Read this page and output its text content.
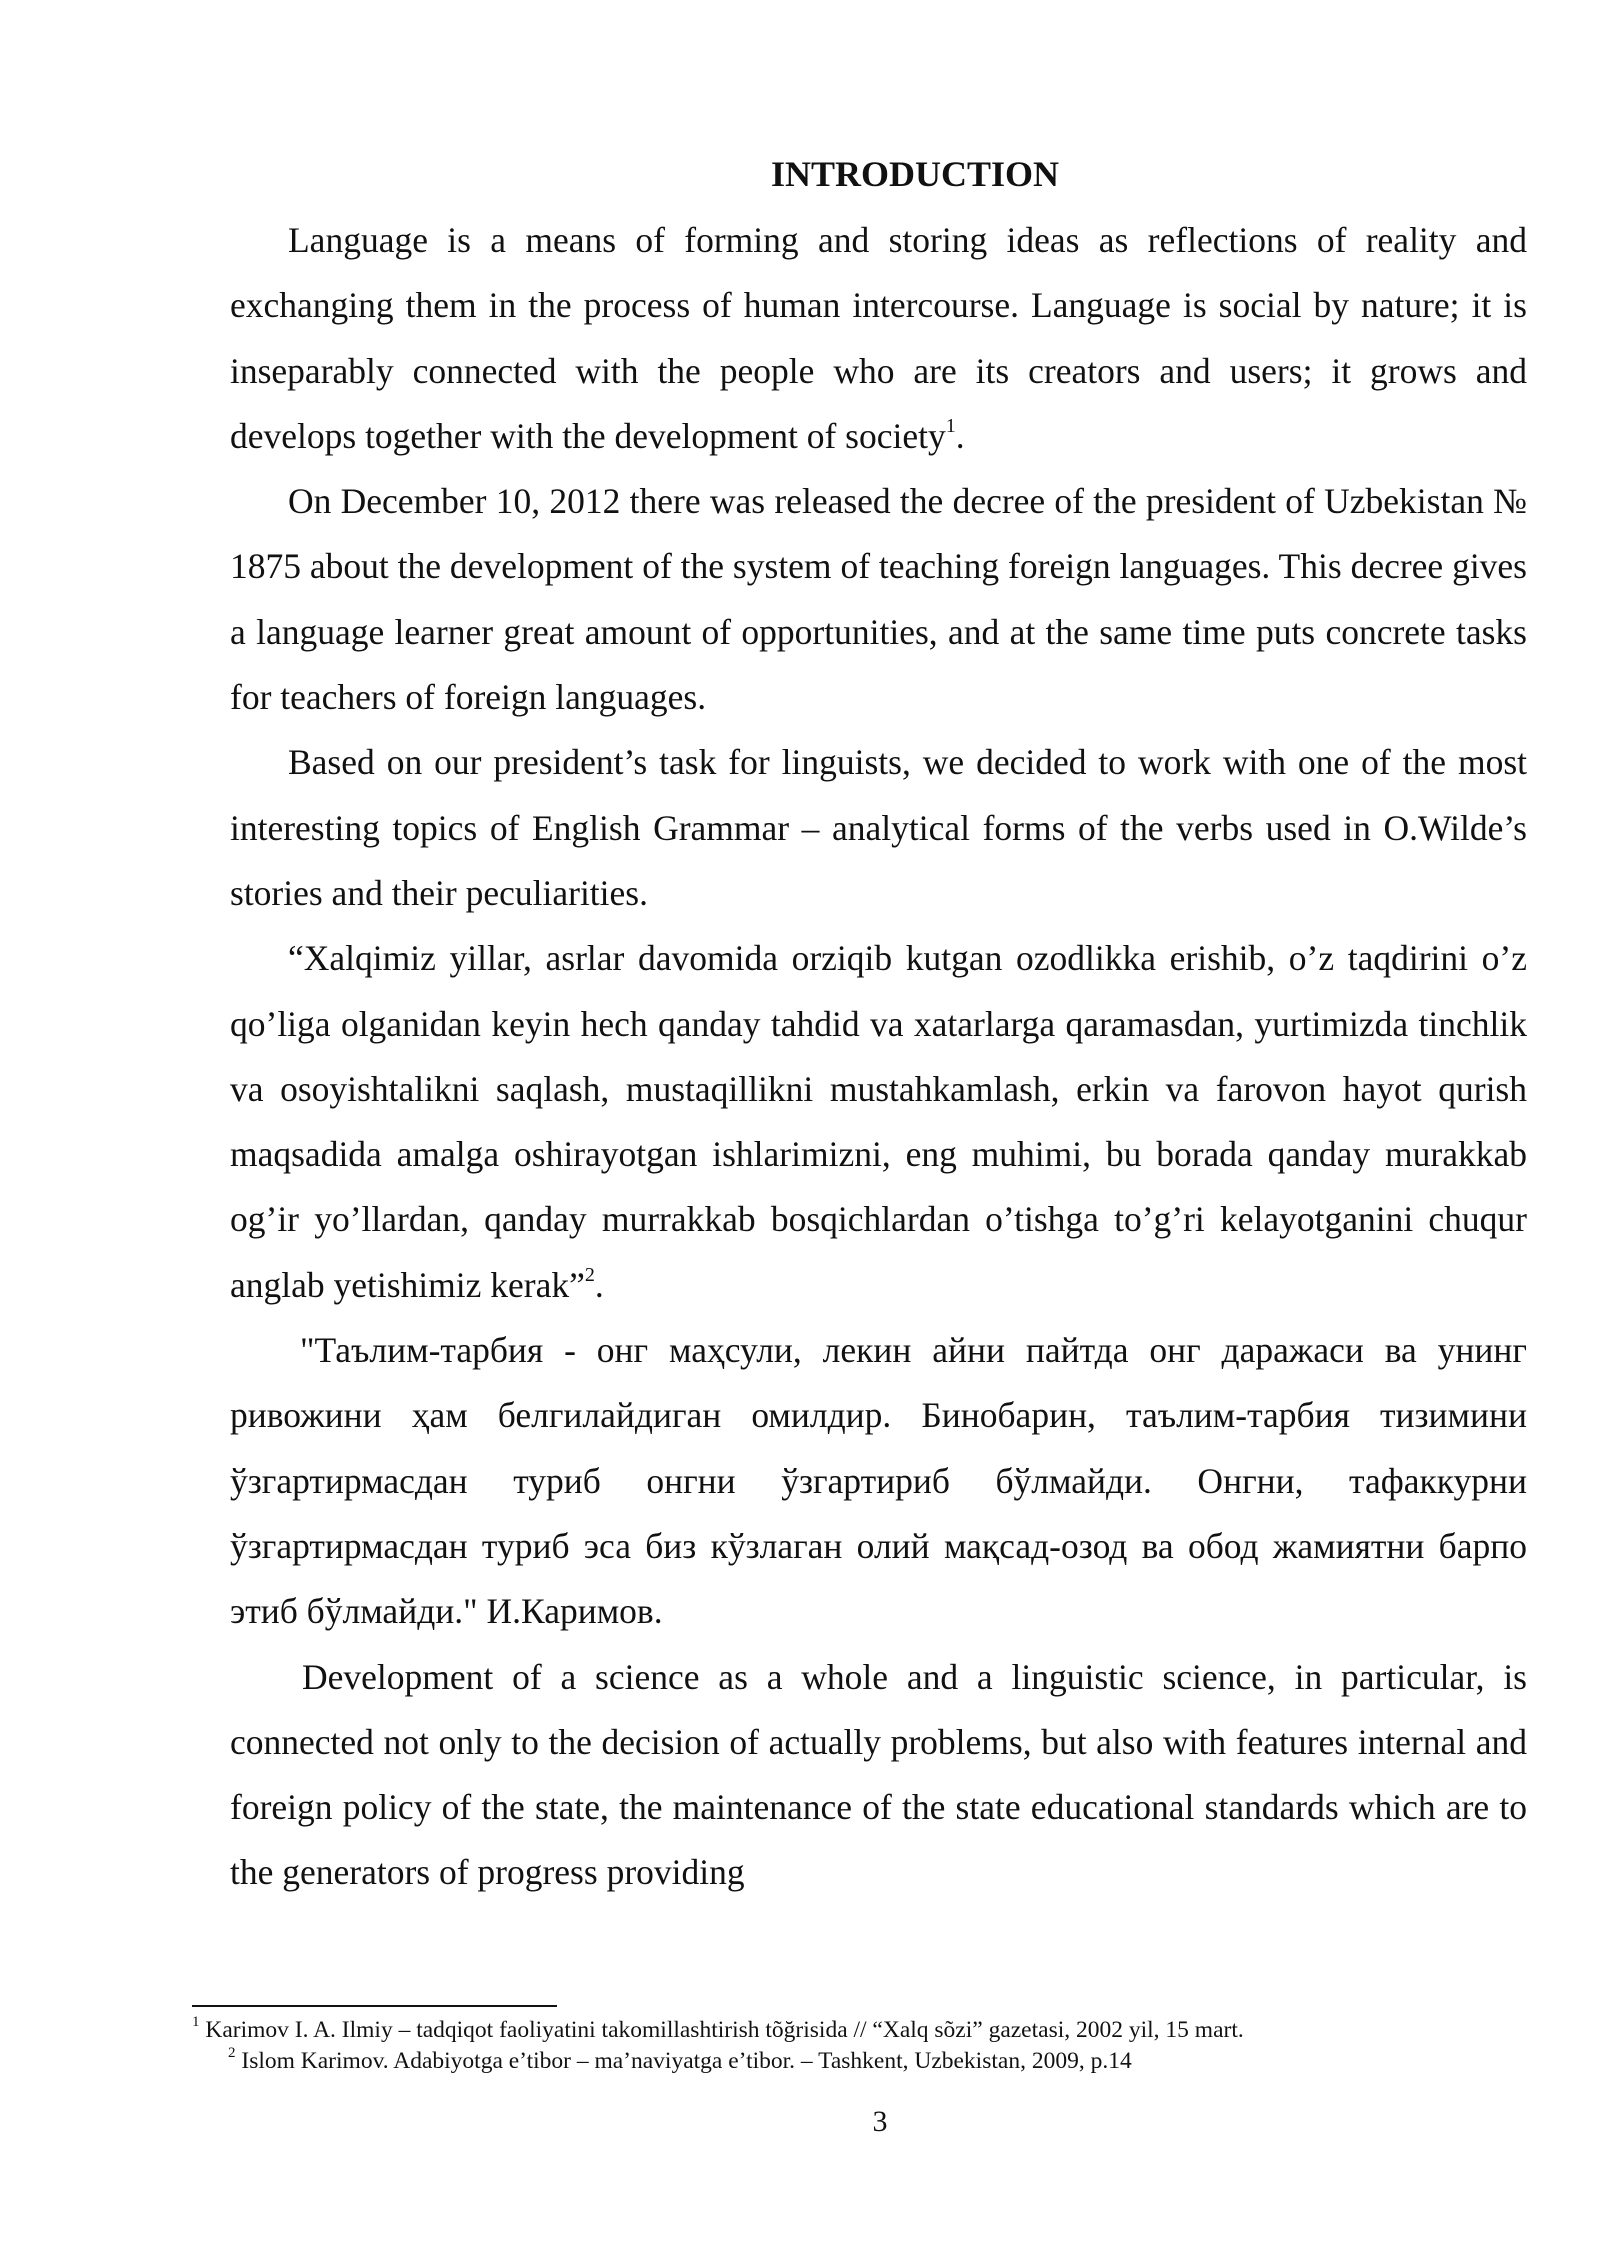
INTRODUCTION

Language is a means of forming and storing ideas as reflections of reality and exchanging them in the process of human intercourse. Language is social by nature; it is inseparably connected with the people who are its creators and users; it grows and develops together with the development of society$^1$.

On December 10, 2012 there was released the decree of the president of Uzbekistan № 1875 about the development of the system of teaching foreign languages. This decree gives a language learner great amount of opportunities, and at the same time puts concrete tasks for teachers of foreign languages.

Based on our president’s task for linguists, we decided to work with one of the most interesting topics of English Grammar – analytical forms of the verbs used in O.Wilde’s stories and their peculiarities.

“Xalqimiz yillar, asrlar davomida orziqib kutgan ozodlikka erishib, o’z taqdirini o’z qo’liga olganidan keyin hech qanday tahdid va xatarlarga qaramasdan, yurtimizda tinchlik va osoyishtalikni saqlash, mustaqillikni mustahkamlash, erkin va farovon hayot qurish maqsadida amalga oshirayotgan ishlarimizni, eng muhimi, bu borada qanday murakkab og’ir yo’llardan, qanday murrakkab bosqichlardan o’tishga to’g’ri kelayotganini chuqur anglab yetishimiz kerak”$^2$.

"Таълим-тарбия - онг маҳсули, лекин айни пайтда онг даражаси ва унинг ривожини ҳам белгилайдиган омилдир. Бинобарин, таълим-тарбия тизимини ўзгартирмасдан туриб онгни ўзгартириб бўлмайди. Онгни, тафаккурни ўзгартирмасдан туриб эса биз кўзлаган олий мақсад-озод ва обод жамиятни барпо этиб бўлмайди." И.Каримов.

Development of a science as a whole and a linguistic science, in particular, is connected not only to the decision of actually problems, but also with features internal and foreign policy of the state, the maintenance of the state educational standards which are to the generators of progress providing

$^1$ Karimov I. A. Ilmiy – tadqiqot faoliyatini takomillashtirish tõğrisida // “Xalq sõzi” gazetasi, 2002 yil, 15 mart.

$^2$ Islom Karimov. Adabiyotga e’tibor – ma’naviyatga e’tibor. – Tashkent, Uzbekistan, 2009, p.14

3
